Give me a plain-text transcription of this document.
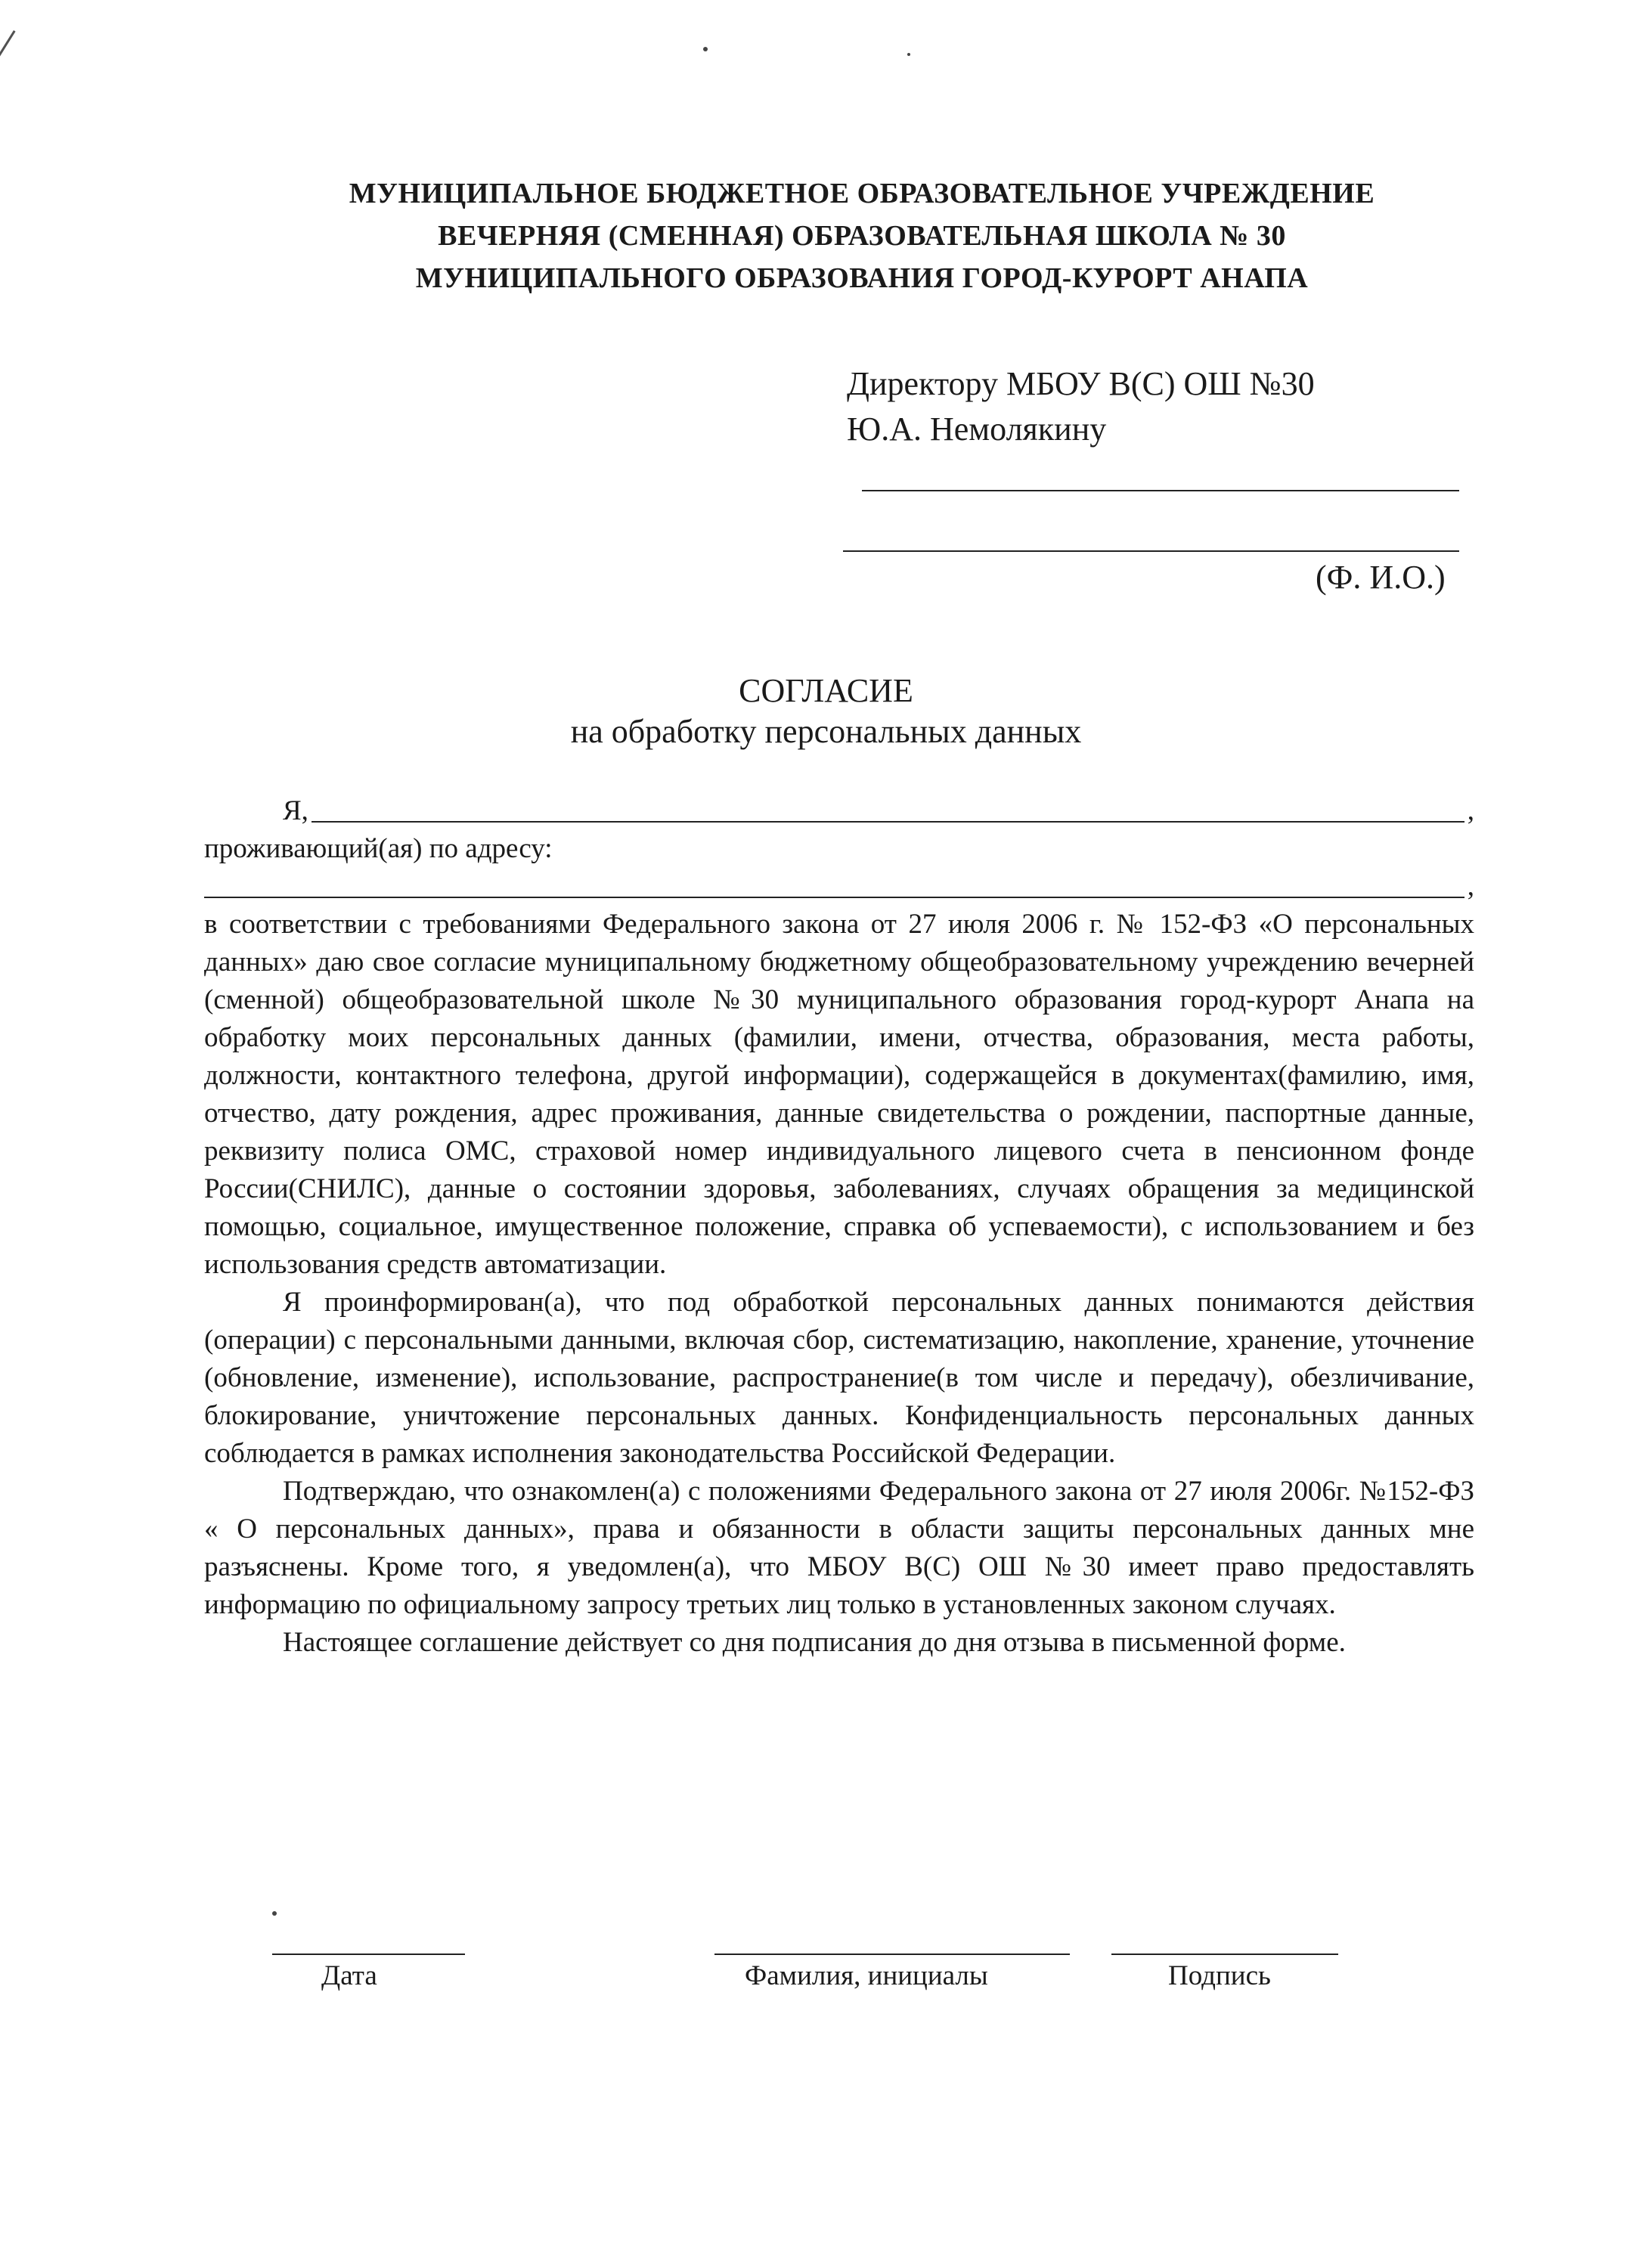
МУНИЦИПАЛЬНОЕ БЮДЖЕТНОЕ ОБРАЗОВАТЕЛЬНОЕ УЧРЕЖДЕНИЕ
ВЕЧЕРНЯЯ (СМЕННАЯ) ОБРАЗОВАТЕЛЬНАЯ ШКОЛА № 30
МУНИЦИПАЛЬНОГО ОБРАЗОВАНИЯ ГОРОД-КУРОРТ АНАПА
Директору МБОУ В(С) ОШ №30
Ю.А. Немолякину
(Ф. И.О.)
СОГЛАСИЕ
на обработку персональных данных
Я,	,
проживающий(ая) по адресу:
,

в соответствии с требованиями Федерального закона от 27 июля 2006 г. № 152-ФЗ «О персональных данных» даю свое согласие муниципальному бюджетному общеобразовательному учреждению вечерней (сменной) общеобразовательной школе №30 муниципального образования город-курорт Анапа на обработку моих персональных данных (фамилии, имени, отчества, образования, места работы, должности, контактного телефона, другой информации), содержащейся в документах(фамилию, имя, отчество, дату рождения, адрес проживания, данные свидетельства о рождении, паспортные данные, реквизиту полиса ОМС, страховой номер индивидуального лицевого счета в пенсионном фонде России(СНИЛС), данные о состоянии здоровья, заболеваниях, случаях обращения за медицинской помощью, социальное, имущественное положение, справка об успеваемости), с использованием и без использования средств автоматизации.

Я проинформирован(а), что под обработкой персональных данных понимаются действия (операции) с персональными данными, включая сбор, систематизацию, накопление, хранение, уточнение (обновление, изменение), использование, распространение(в том числе и передачу), обезличивание, блокирование, уничтожение персональных данных. Конфиденциальность персональных данных соблюдается в рамках исполнения законодательства Российской Федерации.

Подтверждаю, что ознакомлен(а) с положениями Федерального закона от 27 июля 2006г. №152-ФЗ « О персональных данных», права и обязанности в области защиты персональных данных мне разъяснены. Кроме того, я уведомлен(а), что МБОУ В(С) ОШ №30 имеет право предоставлять информацию по официальному запросу третьих лиц только в установленных законом случаях.

Настоящее соглашение действует со дня подписания до дня отзыва в письменной форме.

Дата	Фамилия, инициалы	Подпись
